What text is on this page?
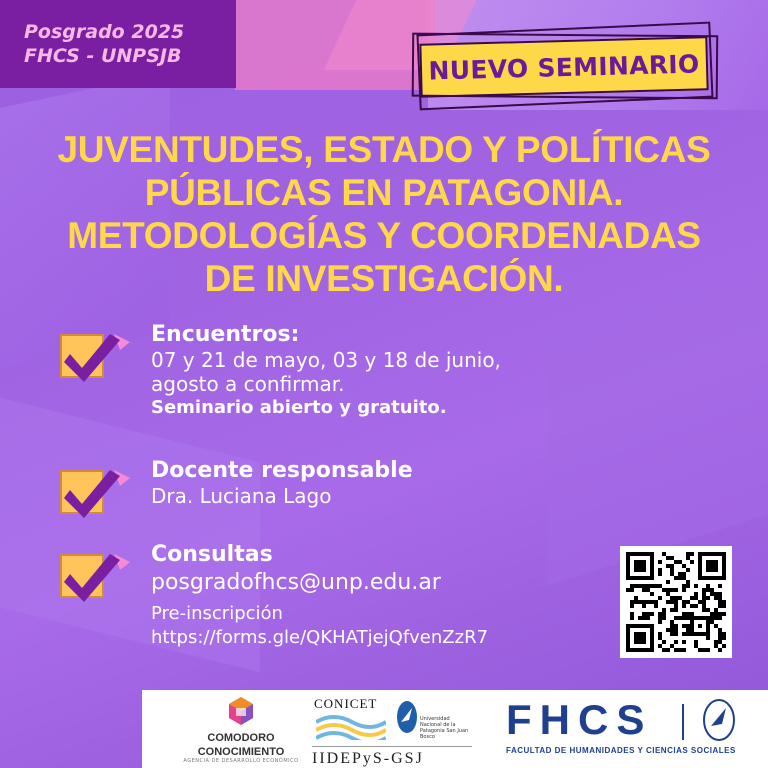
Posgrado 2025
FHCS - UNPSJB	NUEVO SEMINARIO
JUVENTUDES, ESTADO Y POLÍTICAS
PÚBLICAS EN PATAGONIA.
METODOLOGÍAS Y COORDENADAS
DE INVESTIGACIÓN.
Encuentros:
07 y 21 de mayo, 03 y 18 de junio,
agosto a confirmar.
Seminario abierto y gratuito.
Docente responsable
Dra. Luciana Lago
Consultas
posgradofhcs@unp.edu.ar
Pre-inscripción
https://forms.gle/QKHATjejQfvenZzR7
COMODORO
CONOCIMIENTO
AGENCIA DE DESARROLLO ECONÓMICO
CONICET
Universidad Nacional de la Patagonia San Juan Bosco
IIDEPyS-GSJ
FHCS
FACULTAD DE HUMANIDADES Y CIENCIAS SOCIALES
